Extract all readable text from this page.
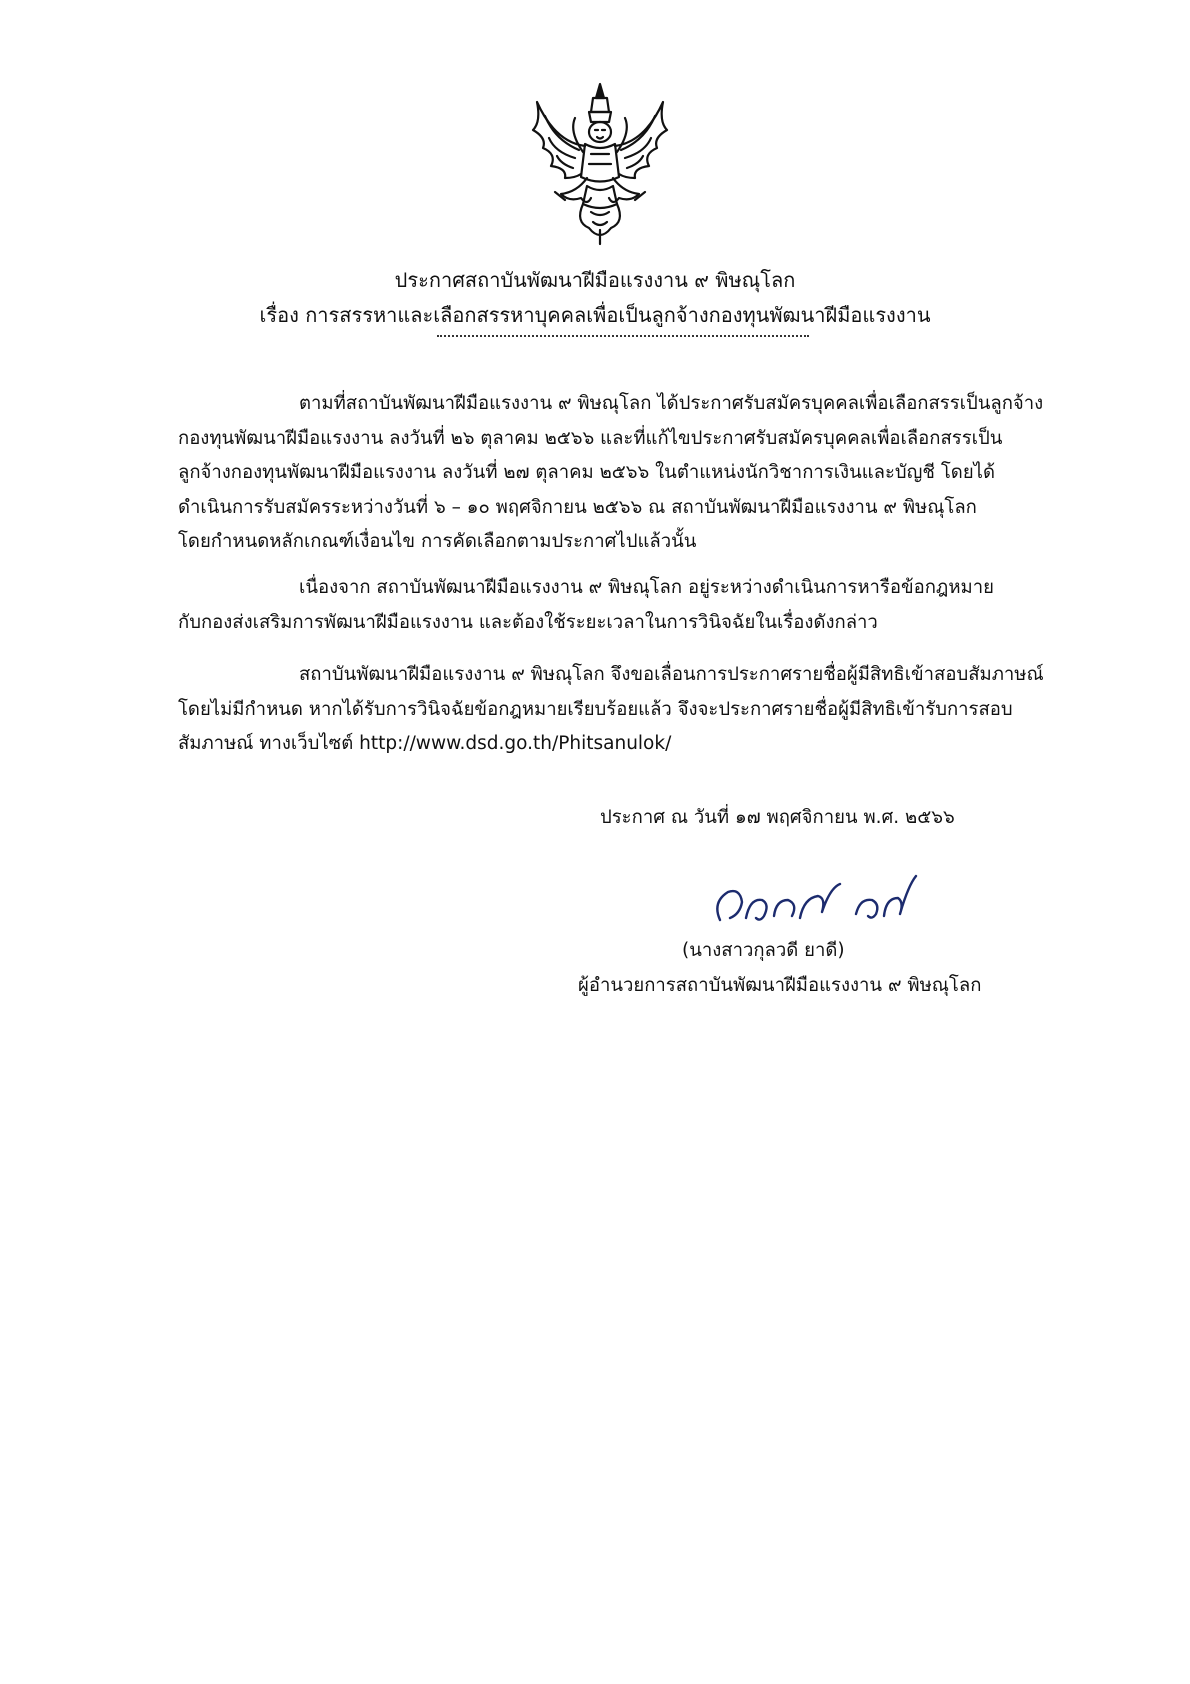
ประกาศสถาบันพัฒนาฝีมือแรงงาน ๙ พิษณุโลก
เรื่อง การสรรหาและเลือกสรรหาบุคคลเพื่อเป็นลูกจ้างกองทุนพัฒนาฝีมือแรงงาน

ตามที่สถาบันพัฒนาฝีมือแรงงาน ๙ พิษณุโลก ได้ประกาศรับสมัครบุคคลเพื่อเลือกสรรเป็นลูกจ้าง
กองทุนพัฒนาฝีมือแรงงาน ลงวันที่ ๒๖ ตุลาคม ๒๕๖๖ และที่แก้ไขประกาศรับสมัครบุคคลเพื่อเลือกสรรเป็น
ลูกจ้างกองทุนพัฒนาฝีมือแรงงาน ลงวันที่ ๒๗ ตุลาคม ๒๕๖๖ ในตำแหน่งนักวิชาการเงินและบัญชี โดยได้
ดำเนินการรับสมัครระหว่างวันที่ ๖ – ๑๐ พฤศจิกายน ๒๕๖๖ ณ สถาบันพัฒนาฝีมือแรงงาน ๙ พิษณุโลก
โดยกำหนดหลักเกณฑ์เงื่อนไข การคัดเลือกตามประกาศไปแล้วนั้น

เนื่องจาก สถาบันพัฒนาฝีมือแรงงาน ๙ พิษณุโลก อยู่ระหว่างดำเนินการหารือข้อกฎหมาย
กับกองส่งเสริมการพัฒนาฝีมือแรงงาน และต้องใช้ระยะเวลาในการวินิจฉัยในเรื่องดังกล่าว

สถาบันพัฒนาฝีมือแรงงาน ๙ พิษณุโลก จึงขอเลื่อนการประกาศรายชื่อผู้มีสิทธิเข้าสอบสัมภาษณ์
โดยไม่มีกำหนด หากได้รับการวินิจฉัยข้อกฎหมายเรียบร้อยแล้ว จึงจะประกาศรายชื่อผู้มีสิทธิเข้ารับการสอบ
สัมภาษณ์ ทางเว็บไซต์ http://www.dsd.go.th/Phitsanulok/

ประกาศ ณ วันที่ ๑๗ พฤศจิกายน พ.ศ. ๒๕๖๖
(นางสาวกุลวดี ยาดี)
ผู้อำนวยการสถาบันพัฒนาฝีมือแรงงาน ๙ พิษณุโลก
